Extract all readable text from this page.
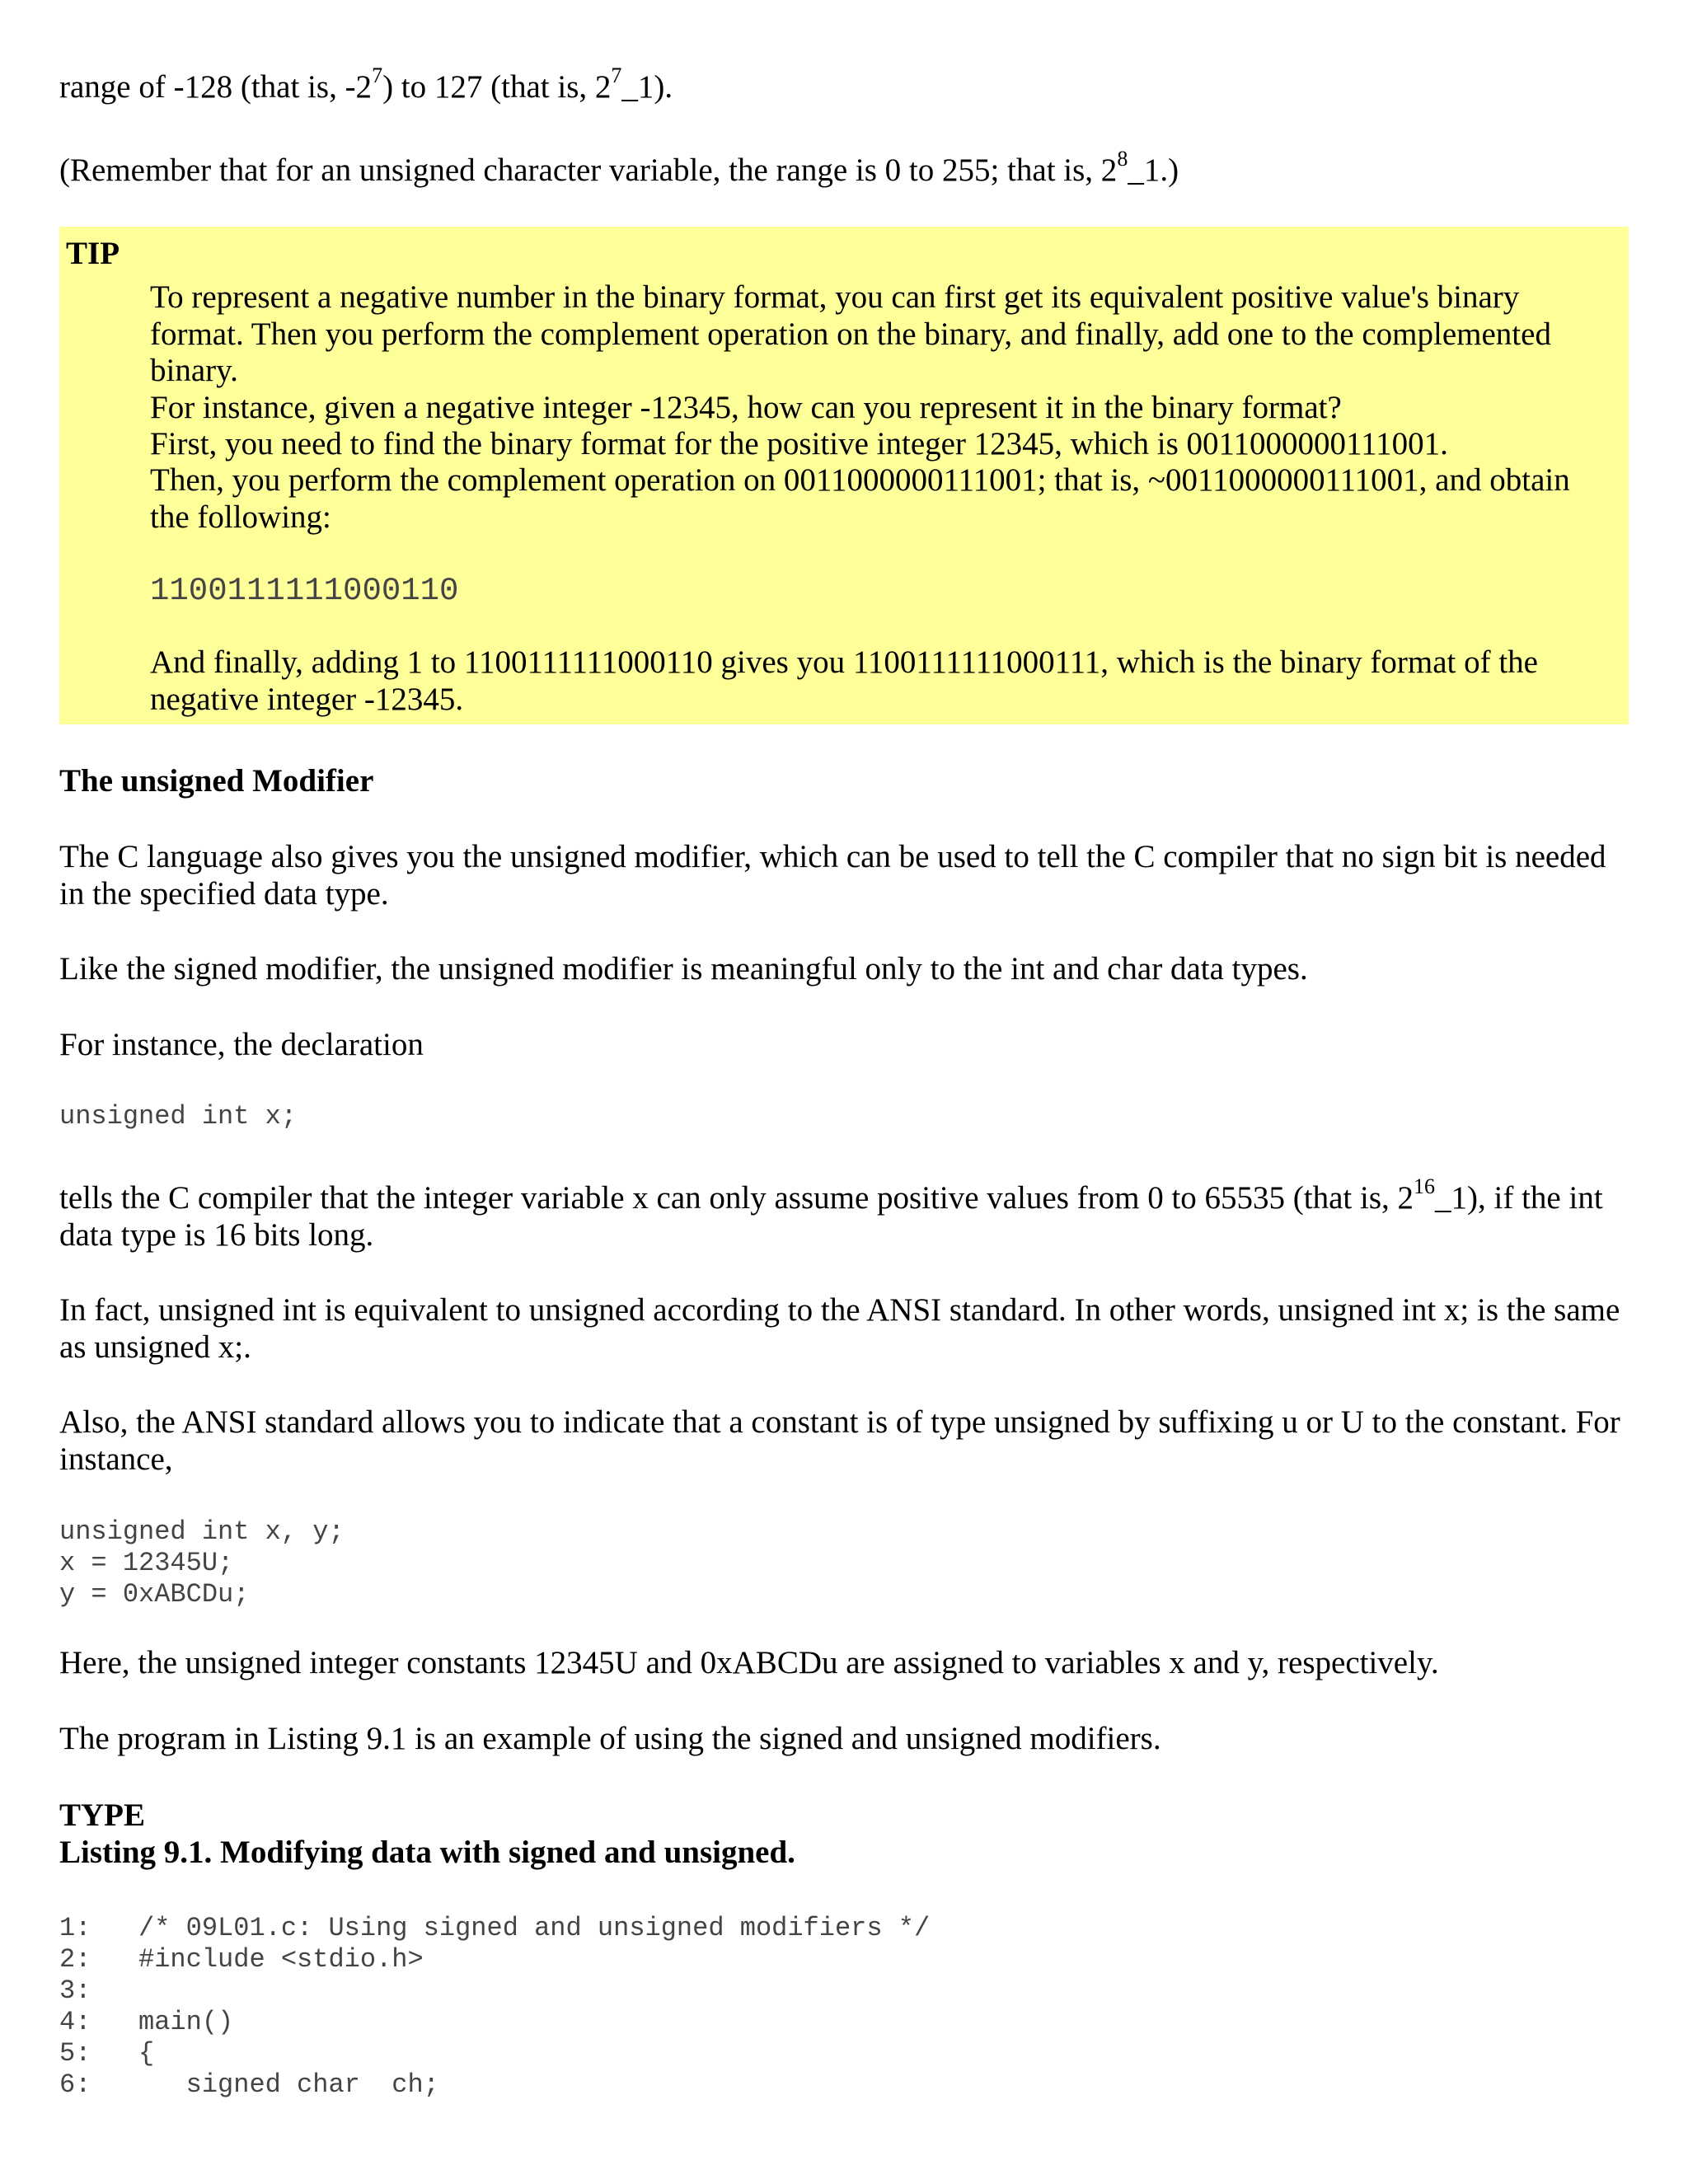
range of -128 (that is, $-2^7$) to 127 (that is, $2^7\_1$).

(Remember that for an unsigned character variable, the range is 0 to 255; that is, $2^8\_1$.)

TIP
To represent a negative number in the binary format, you can first get its equivalent positive value's binary format. Then you perform the complement operation on the binary, and finally, add one to the complemented binary.
For instance, given a negative integer -12345, how can you represent it in the binary format?
First, you need to find the binary format for the positive integer 12345, which is 0011000000111001.
Then, you perform the complement operation on 0011000000111001; that is, ~0011000000111001, and obtain the following:
1100111111000110
And finally, adding 1 to 1100111111000110 gives you 1100111111000111, which is the binary format of the negative integer -12345.
The unsigned Modifier

The C language also gives you the unsigned modifier, which can be used to tell the C compiler that no sign bit is needed in the specified data type.

Like the signed modifier, the unsigned modifier is meaningful only to the int and char data types.

For instance, the declaration

unsigned int x;

tells the C compiler that the integer variable x can only assume positive values from 0 to 65535 (that is, $2^{16}\_1$), if the int data type is 16 bits long.

In fact, unsigned int is equivalent to unsigned according to the ANSI standard. In other words, unsigned int x; is the same as unsigned x;.

Also, the ANSI standard allows you to indicate that a constant is of type unsigned by suffixing u or U to the constant. For instance,

unsigned int x, y;
x = 12345U;
y = 0xABCDu;

Here, the unsigned integer constants 12345U and 0xABCDu are assigned to variables x and y, respectively.

The program in Listing 9.1 is an example of using the signed and unsigned modifiers.

TYPE
Listing 9.1. Modifying data with signed and unsigned.
1:   /* 09L01.c: Using signed and unsigned modifiers */
2:   #include <stdio.h>
3:
4:   main()
5:   {
6:      signed char  ch;
